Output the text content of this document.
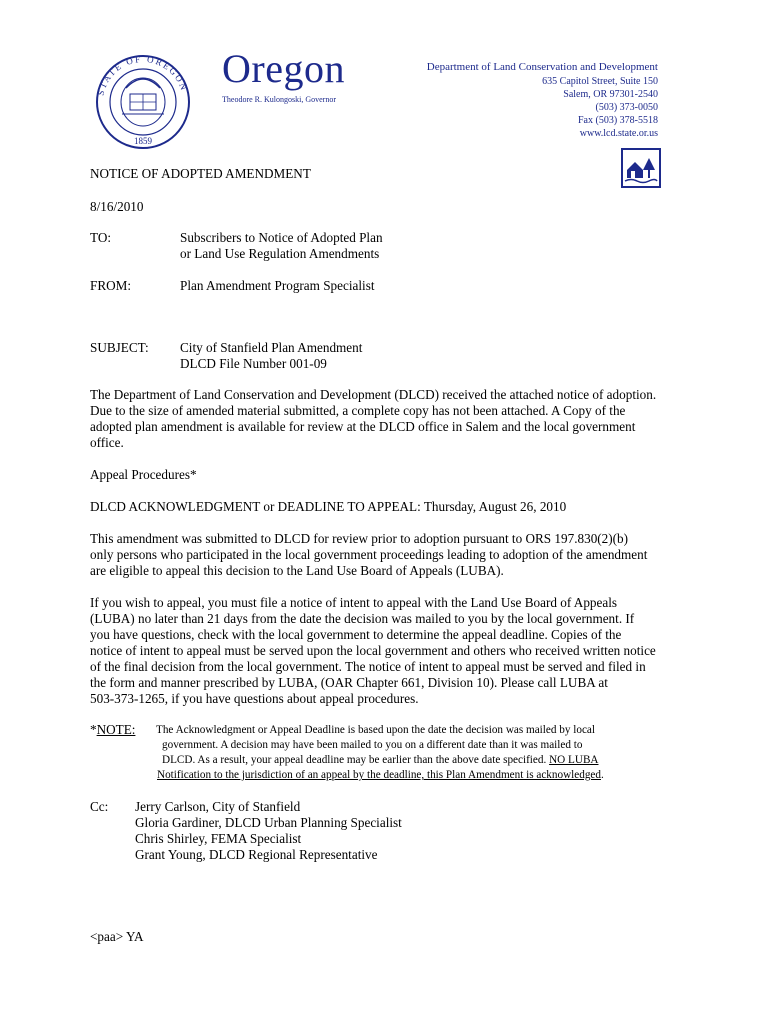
STATE OF OREGON
1859
Oregon
Theodore R. Kulongoski, Governor
Department of Land Conservation and Development
635 Capitol Street, Suite 150
Salem, OR 97301-2540
(503) 373-0050
Fax (503) 378-5518
www.lcd.state.or.us
NOTICE OF ADOPTED AMENDMENT
8/16/2010
TO:	Subscribers to Notice of Adopted Plan
or Land Use Regulation Amendments
FROM:	Plan Amendment Program Specialist
SUBJECT: City of Stanfield Plan Amendment
DLCD File Number 001-09
The Department of Land Conservation and Development (DLCD) received the attached notice of adoption.
Due to the size of amended material submitted, a complete copy has not been attached. A Copy of the
adopted plan amendment is available for review at the DLCD office in Salem and the local government
office.
Appeal Procedures*
DLCD ACKNOWLEDGMENT or DEADLINE TO APPEAL: Thursday, August 26, 2010
This amendment was submitted to DLCD for review prior to adoption pursuant to ORS 197.830(2)(b)
only persons who participated in the local government proceedings leading to adoption of the amendment
are eligible to appeal this decision to the Land Use Board of Appeals (LUBA).
If you wish to appeal, you must file a notice of intent to appeal with the Land Use Board of Appeals
(LUBA) no later than 21 days from the date the decision was mailed to you by the local government. If
you have questions, check with the local government to determine the appeal deadline. Copies of the
notice of intent to appeal must be served upon the local government and others who received written notice
of the final decision from the local government. The notice of intent to appeal must be served and filed in
the form and manner prescribed by LUBA, (OAR Chapter 661, Division 10). Please call LUBA at
503-373-1265, if you have questions about appeal procedures.
*NOTE: The Acknowledgment or Appeal Deadline is based upon the date the decision was mailed by local
government. A decision may have been mailed to you on a different date than it was mailed to
DLCD. As a result, your appeal deadline may be earlier than the above date specified. NO LUBA
Notification to the jurisdiction of an appeal by the deadline, this Plan Amendment is acknowledged.
Cc: Jerry Carlson, City of Stanfield
Gloria Gardiner, DLCD Urban Planning Specialist
Chris Shirley, FEMA Specialist
Grant Young, DLCD Regional Representative
<paa> YA
